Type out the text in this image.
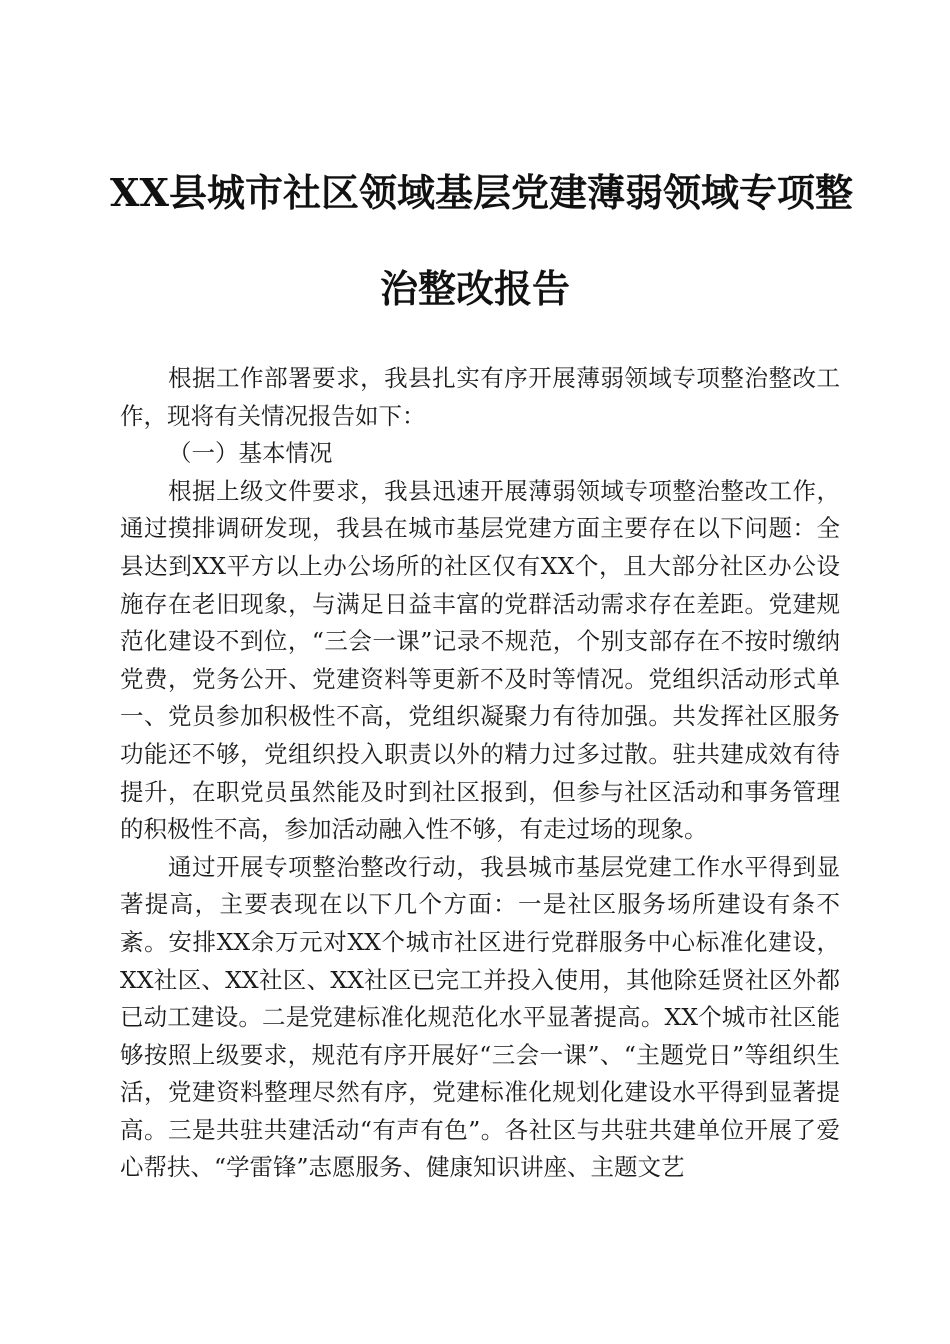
XX县城市社区领域基层党建薄弱领域专项整
治整改报告

根据工作部署要求，我县扎实有序开展薄弱领域专项整治整改工作，现将有关情况报告如下：

（一）基本情况

根据上级文件要求，我县迅速开展薄弱领域专项整治整改工作，通过摸排调研发现，我县在城市基层党建方面主要存在以下问题：全县达到XX平方以上办公场所的社区仅有XX个，且大部分社区办公设施存在老旧现象，与满足日益丰富的党群活动需求存在差距。党建规范化建设不到位，“三会一课”记录不规范，个别支部存在不按时缴纳党费，党务公开、党建资料等更新不及时等情况。党组织活动形式单一、党员参加积极性不高，党组织凝聚力有待加强。共发挥社区服务功能还不够，党组织投入职责以外的精力过多过散。驻共建成效有待提升，在职党员虽然能及时到社区报到，但参与社区活动和事务管理的积极性不高，参加活动融入性不够，有走过场的现象。

通过开展专项整治整改行动，我县城市基层党建工作水平得到显著提高，主要表现在以下几个方面：一是社区服务场所建设有条不紊。安排XX余万元对XX个城市社区进行党群服务中心标准化建设，XX社区、XX社区、XX社区已完工并投入使用，其他除廷贤社区外都已动工建设。二是党建标准化规范化水平显著提高。XX个城市社区能够按照上级要求，规范有序开展好“三会一课”、“主题党日”等组织生活，党建资料整理尽然有序，党建标准化规划化建设水平得到显著提高。三是共驻共建活动“有声有色”。各社区与共驻共建单位开展了爱心帮扶、“学雷锋”志愿服务、健康知识讲座、主题文艺
